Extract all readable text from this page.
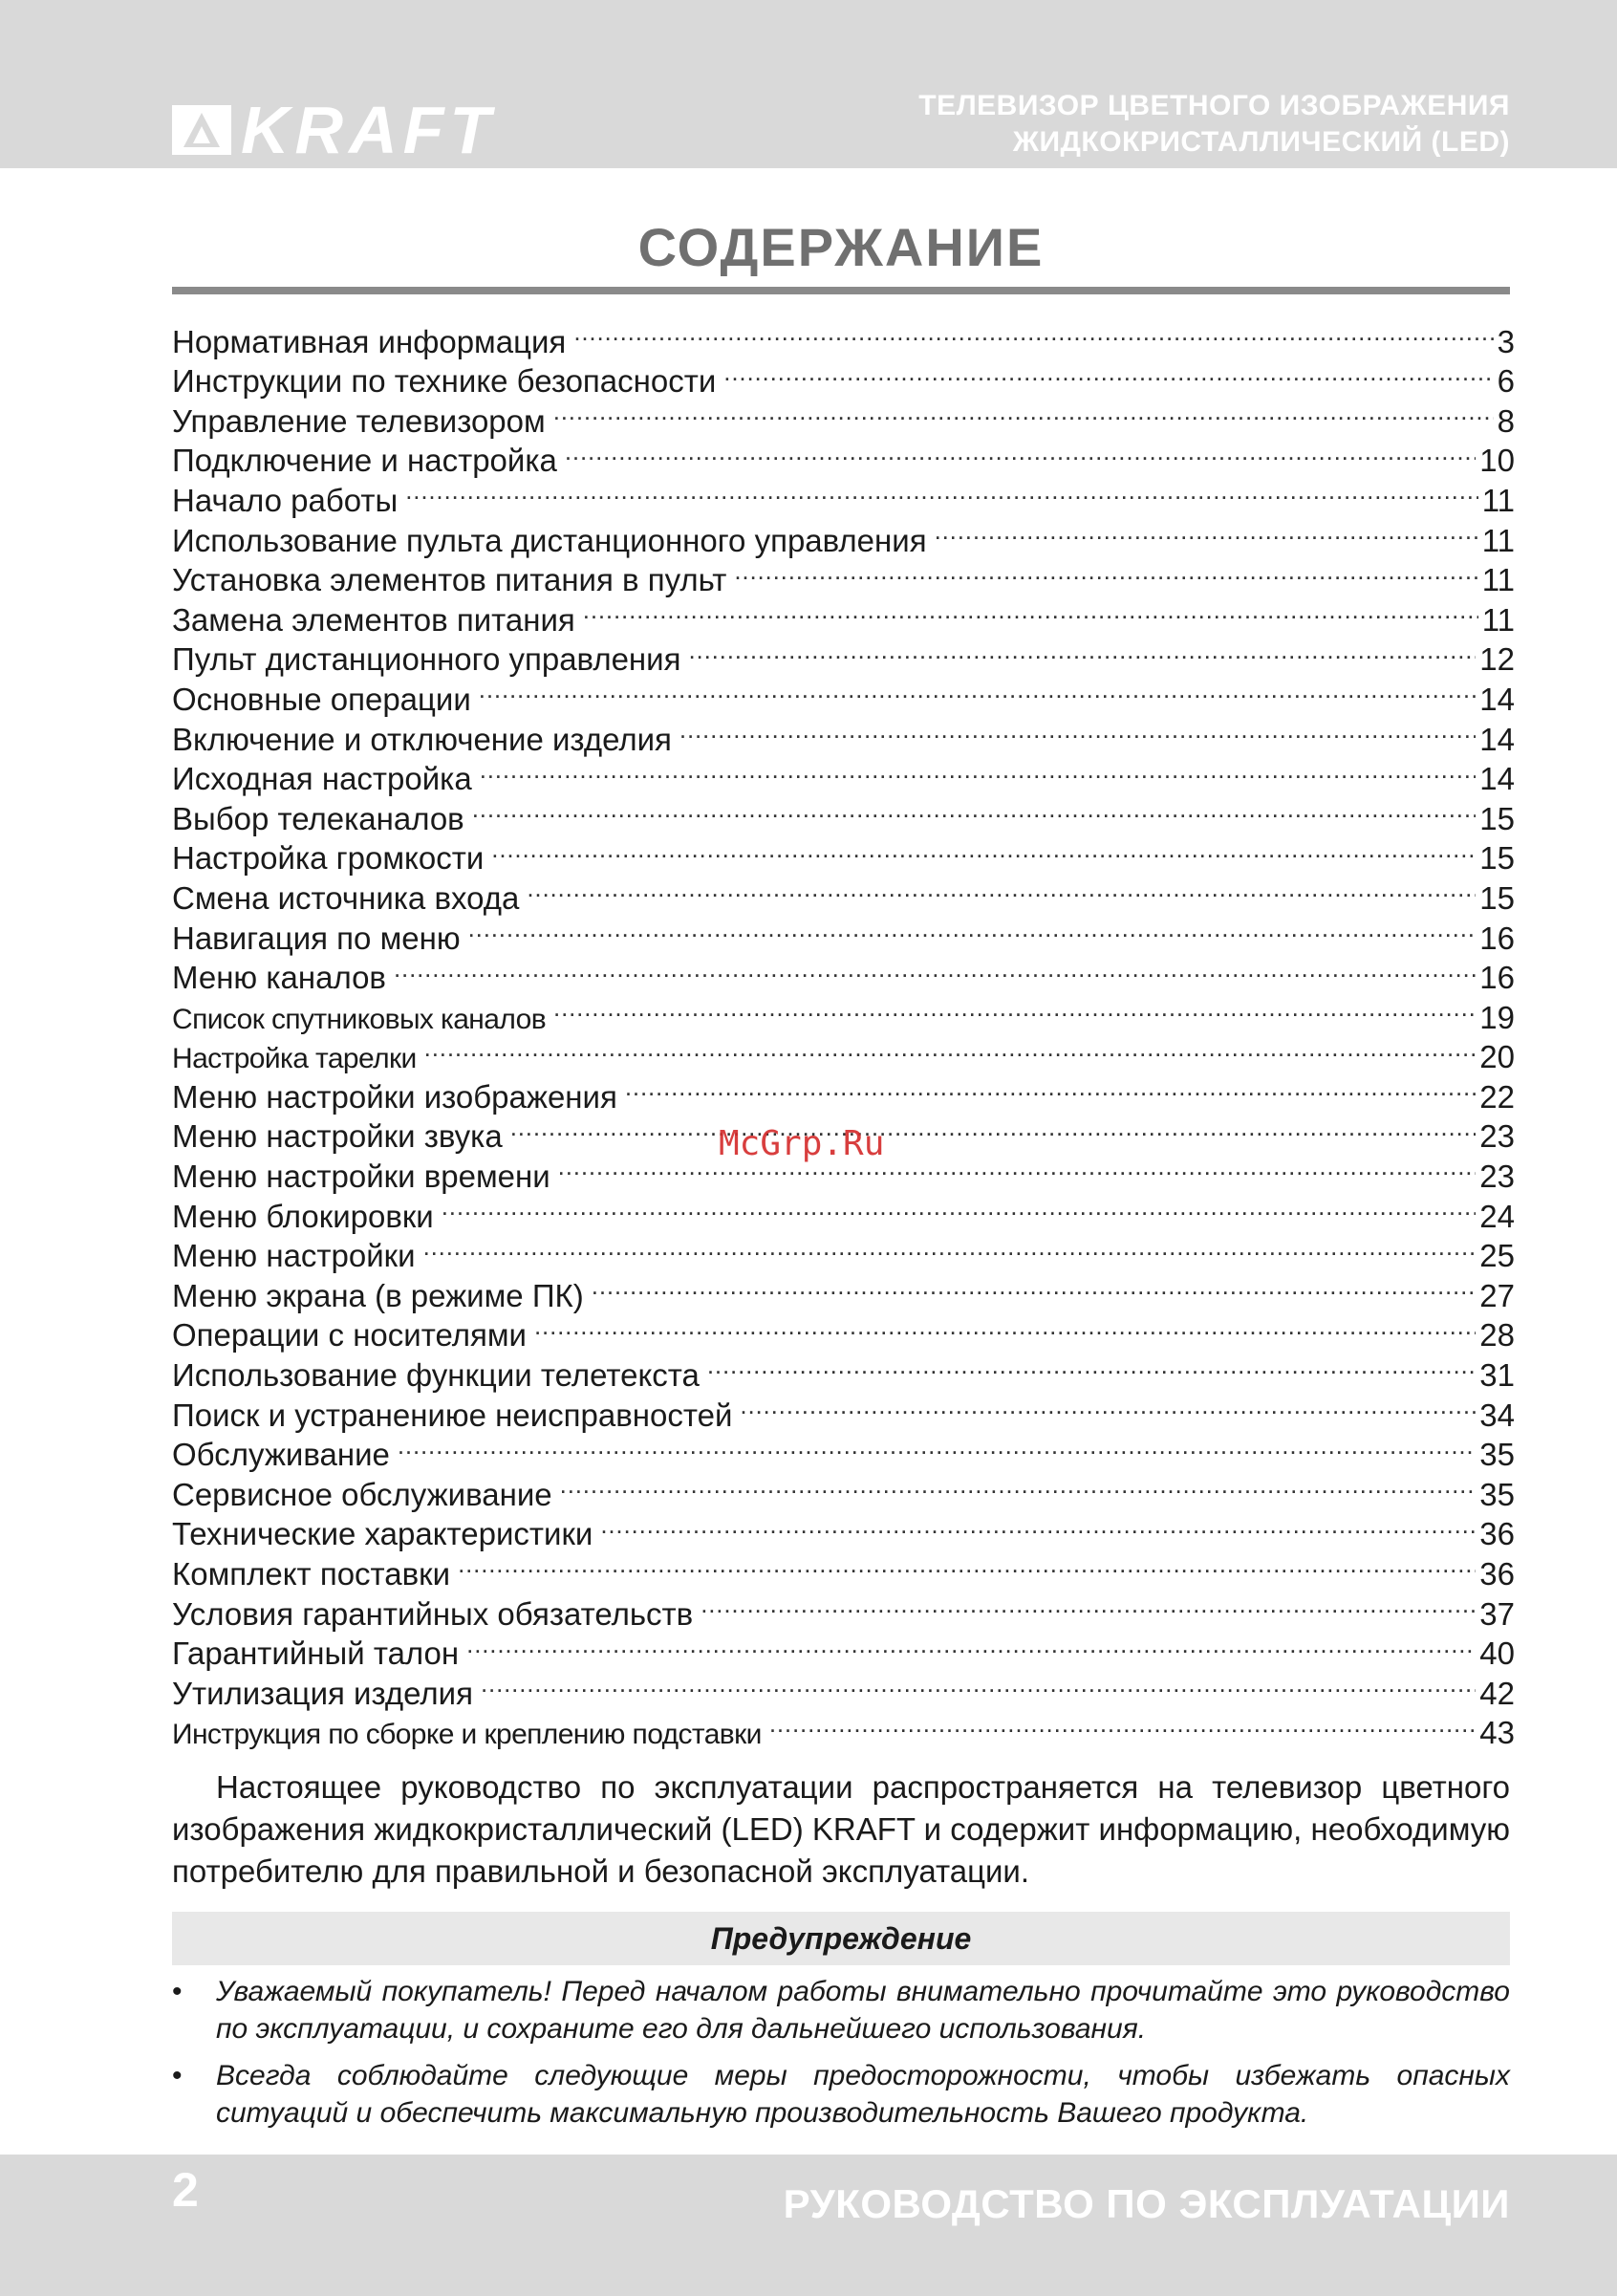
KRAFT	ТЕЛЕВИЗОР ЦВЕТНОГО ИЗОБРАЖЕНИЯ
ЖИДКОКРИСТАЛЛИЧЕСКИЙ (LED)
СОДЕРЖАНИЕ
Нормативная информация . . .	3
Инструкции по технике безопасности . . .	6
Управление телевизором . . .	8
Подключение и настройка . . .	10
Начало работы . . .	11
Использование пульта дистанционного управления . . .	11
Установка элементов питания в пульт . . .	11
Замена элементов питания . . .	11
Пульт дистанционного управления . . .	12
Основные операции . . .	14
Включение и отключение изделия . . .	14
Исходная настройка . . .	14
Выбор телеканалов . . .	15
Настройка громкости . . .	15
Смена источника входа . . .	15
Навигация по меню . . .	16
Меню каналов . . .	16
Список спутниковых каналов . . .	19
Настройка тарелки . . .	20
Меню настройки изображения . . .	22
Меню настройки звука . . .	23
Меню настройки времени . . .	23
Меню блокировки . . .	24
Меню настройки . . .	25
Меню экрана (в режиме ПК) . . .	27
Операции с носителями . . .	28
Использование функции телетекста . . .	31
Поиск и устранениюе неисправностей . . .	34
Обслуживание . . .	35
Сервисное обслуживание . . .	35
Технические характеристики . . .	36
Комплект поставки . . .	36
Условия гарантийных обязательств . . .	37
Гарантийный талон . . .	40
Утилизация изделия . . .	42
Инструкция по сборке и креплению подставки . . .	43
McGrp.Ru

Настоящее руководство по эксплуатации распространяется на телевизор цветного изображения жидкокристаллический (LED) KRAFT и содержит информацию, необходимую потребителю для правильной и безопасной эксплуатации.

Предупреждение
• Уважаемый покупатель! Перед началом работы внимательно прочитайте это руководство по эксплуатации, и сохраните его для дальнейшего использования.
• Всегда соблюдайте следующие меры предосторожности, чтобы избежать опасных ситуаций и обеспечить максимальную производительность Вашего продукта.
2	РУКОВОДСТВО ПО ЭКСПЛУАТАЦИИ
